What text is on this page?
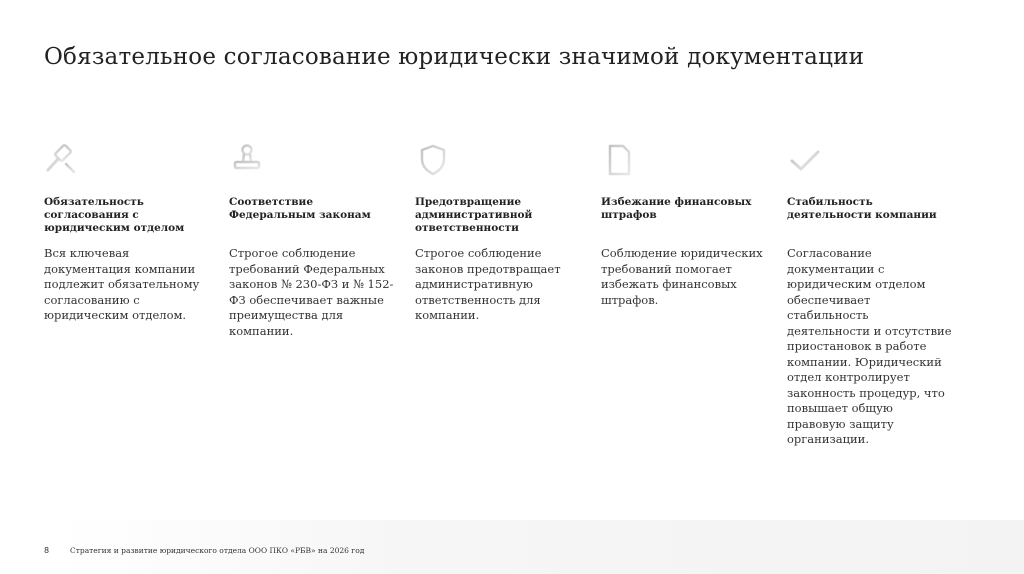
Обязательное согласование юридически значимой документации
Обязательность согласования с юридическим отделом
Вся ключевая документация компании подлежит обязательному согласованию с юридическим отделом.
Соответствие Федеральным законам
Строгое соблюдение требований Федеральных законов № 230-ФЗ и № 152-ФЗ обеспечивает важные преимущества для компании.
Предотвращение административной ответственности
Строгое соблюдение законов предотвращает административную ответственность для компании.
Избежание финансовых штрафов
Соблюдение юридических требований помогает избежать финансовых штрафов.
Стабильность деятельности компании
Согласование документации с юридическим отделом обеспечивает стабильность деятельности и отсутствие приостановок в работе компании. Юридический отдел контролирует законность процедур, что повышает общую правовую защиту организации.
8	Стратегия и развитие юридического отдела ООО ПКО «РБВ» на 2026 год
